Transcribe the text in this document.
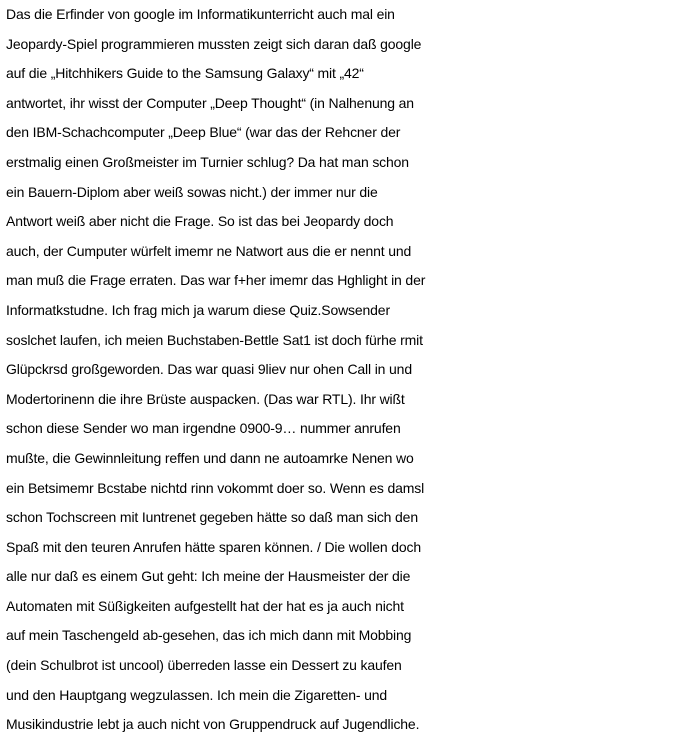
Das die Erfinder von google im Informatikunterricht auch mal ein
Jeopardy-Spiel programmieren mussten zeigt sich daran daß google
auf die „Hitchhikers Guide to the Samsung Galaxy“ mit „42“
antwortet, ihr wisst der Computer „Deep Thought“ (in Nalhenung an
den IBM-Schachcomputer „Deep Blue“ (war das der Rehcner der
erstmalig einen Großmeister im Turnier schlug? Da hat man schon
ein Bauern-Diplom aber weiß sowas nicht.) der immer nur die
Antwort weiß aber nicht die Frage. So ist das bei Jeopardy doch
auch, der Cumputer würfelt imemr ne Natwort aus die er nennt und
man muß die Frage erraten. Das war f+her imemr das Hghlight in der
Informatkstudne. Ich frag mich ja warum diese Quiz.Sowsender
soslchet laufen, ich meien Buchstaben-Bettle Sat1 ist doch fürhe rmit
Glüpckrsd großgeworden. Das war quasi 9liev nur ohen Call in und
Modertorinenn die ihre Brüste auspacken. (Das war RTL). Ihr wißt
schon diese Sender wo man irgendne 0900-9… nummer anrufen
mußte, die Gewinnleitung reffen und dann ne autoamrke Nenen wo
ein Betsimemr Bcstabe nichtd rinn vokommt doer so. Wenn es damsl
schon Tochscreen mit Iuntrenet gegeben hätte so daß man sich den
Spaß mit den teuren Anrufen hätte sparen können. / Die wollen doch
alle nur daß es einem Gut geht: Ich meine der Hausmeister der die
Automaten mit Süßigkeiten aufgestellt hat der hat es ja auch nicht
auf mein Taschengeld ab-gesehen, das ich mich dann mit Mobbing
(dein Schulbrot ist uncool) überreden lasse ein Dessert zu kaufen
und den Hauptgang wegzulassen. Ich mein die Zigaretten- und
Musikindustrie lebt ja auch nicht von Gruppendruck auf Jugendliche.
